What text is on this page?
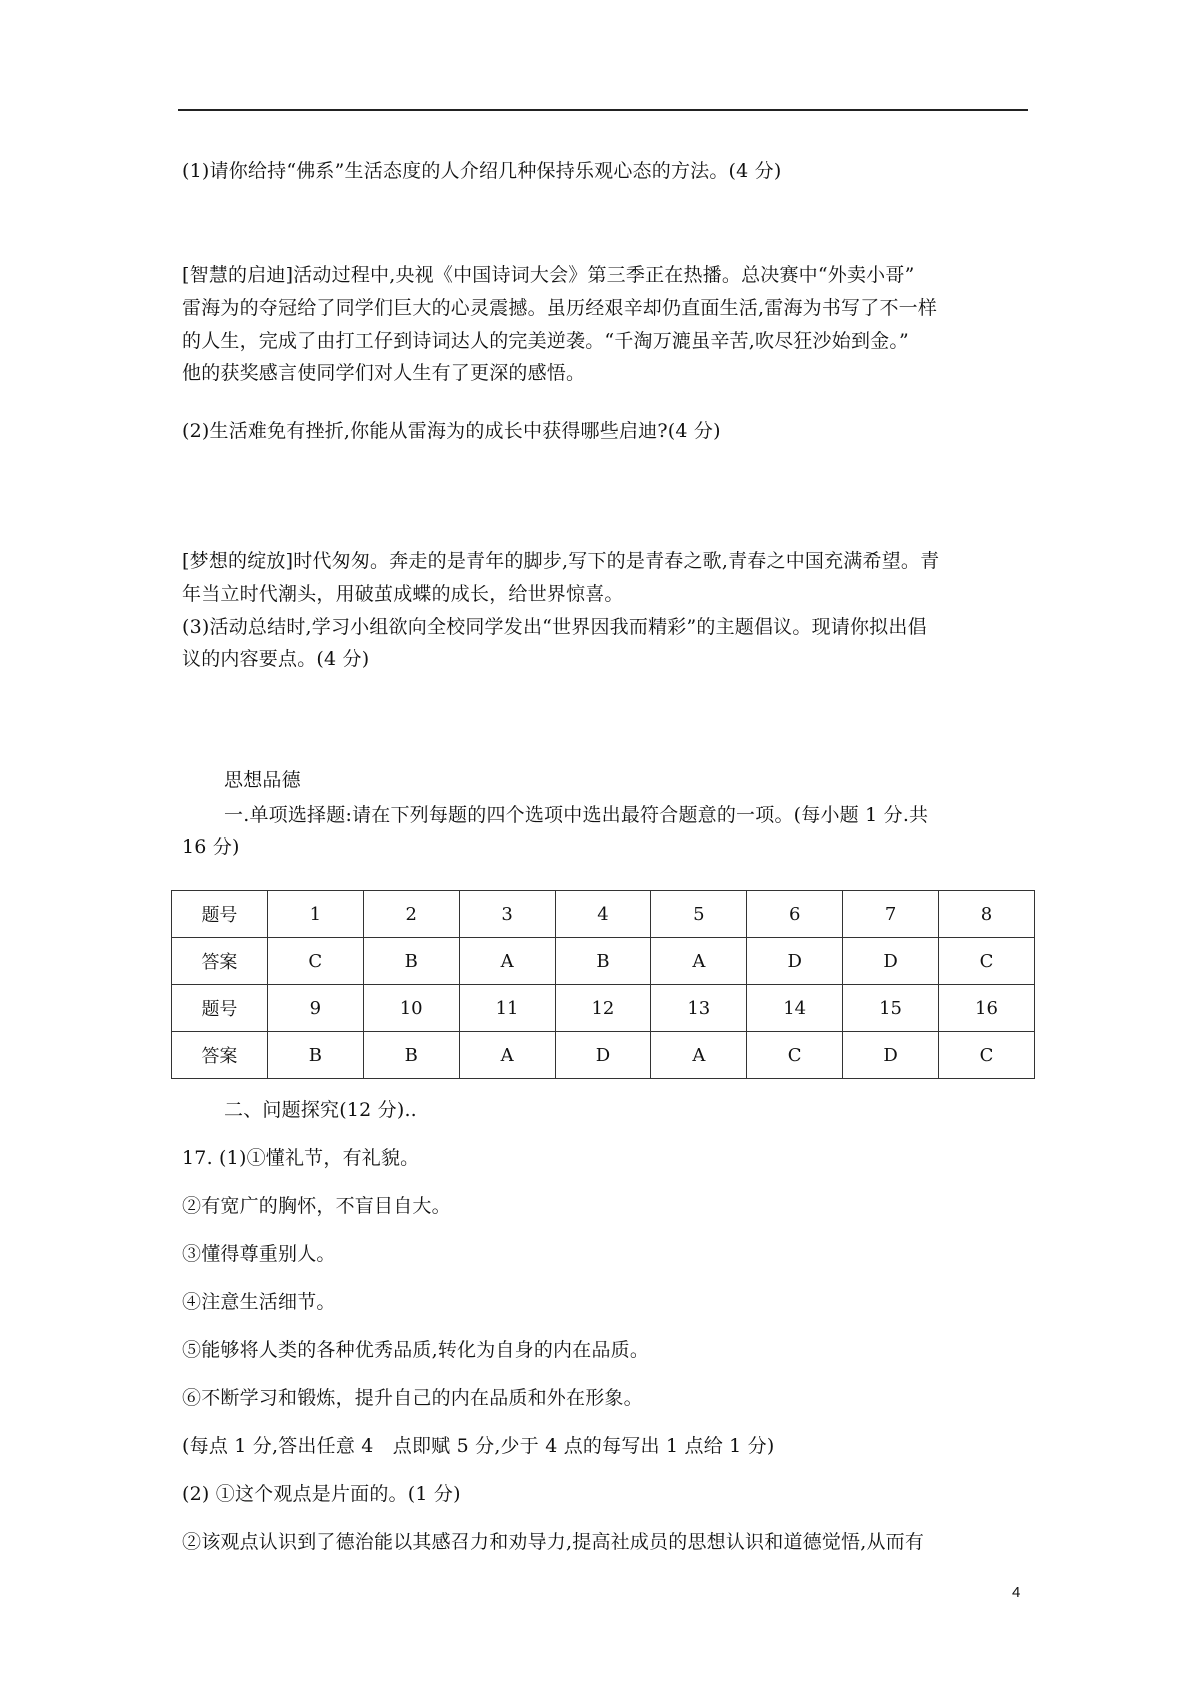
(1)请你给持“佛系”生活态度的人介绍几种保持乐观心态的方法。(4 分)
[智慧的启迪]活动过程中,央视《中国诗词大会》第三季正在热播。总决赛中“外卖小哥”
雷海为的夺冠给了同学们巨大的心灵震撼。虽历经艰辛却仍直面生活,雷海为书写了不一样
的人生，完成了由打工仔到诗词达人的完美逆袭。“千淘万漉虽辛苦,吹尽狂沙始到金。”
他的获奖感言使同学们对人生有了更深的感悟。
(2)生活难免有挫折,你能从雷海为的成长中获得哪些启迪?(4 分)
[梦想的绽放]时代匆匆。奔走的是青年的脚步,写下的是青春之歌,青春之中国充满希望。青
年当立时代潮头，用破茧成蝶的成长，给世界惊喜。
(3)活动总结时,学习小组欲向全校同学发出“世界因我而精彩”的主题倡议。现请你拟出倡
议的内容要点。(4 分)
思想品德
一.单项选择题:请在下列每题的四个选项中选出最符合题意的一项。(每小题 1 分.共
16 分)
题号	1	2	3	4	5	6	7	8
答案	C	B	A	B	A	D	D	C
题号	9	10	11	12	13	14	15	16
答案	B	B	A	D	A	C	D	C
二、问题探究(12 分)..
17. (1)①懂礼节，有礼貌。
②有宽广的胸怀，不盲目自大。
③懂得尊重别人。
④注意生活细节。
⑤能够将人类的各种优秀品质,转化为自身的内在品质。
⑥不断学习和锻炼，提升自己的内在品质和外在形象。
(每点 1 分,答出任意 4　点即赋 5 分,少于 4 点的每写出 1 点给 1 分)
(2) ①这个观点是片面的。(1 分)
②该观点认识到了德治能以其感召力和劝导力,提高社成员的思想认识和道德觉悟,从而有
4
